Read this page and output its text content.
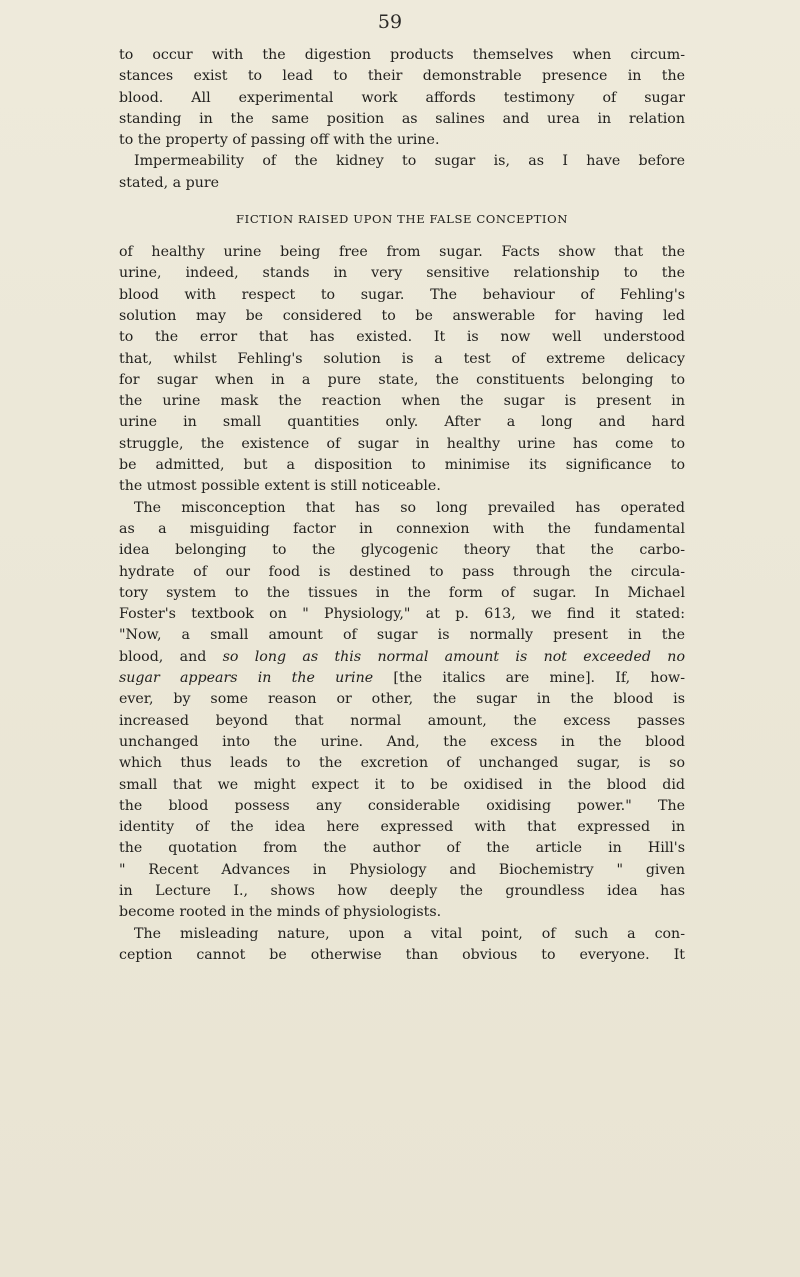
59
to occur with the digestion products themselves when circum-
stances exist to lead to their demonstrable presence in the
blood. All experimental work affords testimony of sugar
standing in the same position as salines and urea in relation
to the property of passing off with the urine.
Impermeability of the kidney to sugar is, as I have before
stated, a pure
FICTION RAISED UPON THE FALSE CONCEPTION
of healthy urine being free from sugar. Facts show that the
urine, indeed, stands in very sensitive relationship to the
blood with respect to sugar. The behaviour of Fehling's
solution may be considered to be answerable for having led
to the error that has existed. It is now well understood
that, whilst Fehling's solution is a test of extreme delicacy
for sugar when in a pure state, the constituents belonging to
the urine mask the reaction when the sugar is present in
urine in small quantities only. After a long and hard
struggle, the existence of sugar in healthy urine has come to
be admitted, but a disposition to minimise its significance to
the utmost possible extent is still noticeable.
The misconception that has so long prevailed has operated
as a misguiding factor in connexion with the fundamental
idea belonging to the glycogenic theory that the carbo-
hydrate of our food is destined to pass through the circula-
tory system to the tissues in the form of sugar. In Michael
Foster's textbook on " Physiology," at p. 613, we find it stated:
"Now, a small amount of sugar is normally present in the
blood, and so long as this normal amount is not exceeded no
sugar appears in the urine [the italics are mine]. If, how-
ever, by some reason or other, the sugar in the blood is
increased beyond that normal amount, the excess passes
unchanged into the urine. And, the excess in the blood
which thus leads to the excretion of unchanged sugar, is so
small that we might expect it to be oxidised in the blood did
the blood possess any considerable oxidising power." The
identity of the idea here expressed with that expressed in
the quotation from the author of the article in Hill's
" Recent Advances in Physiology and Biochemistry " given
in Lecture I., shows how deeply the groundless idea has
become rooted in the minds of physiologists.
The misleading nature, upon a vital point, of such a con-
ception cannot be otherwise than obvious to everyone. It
